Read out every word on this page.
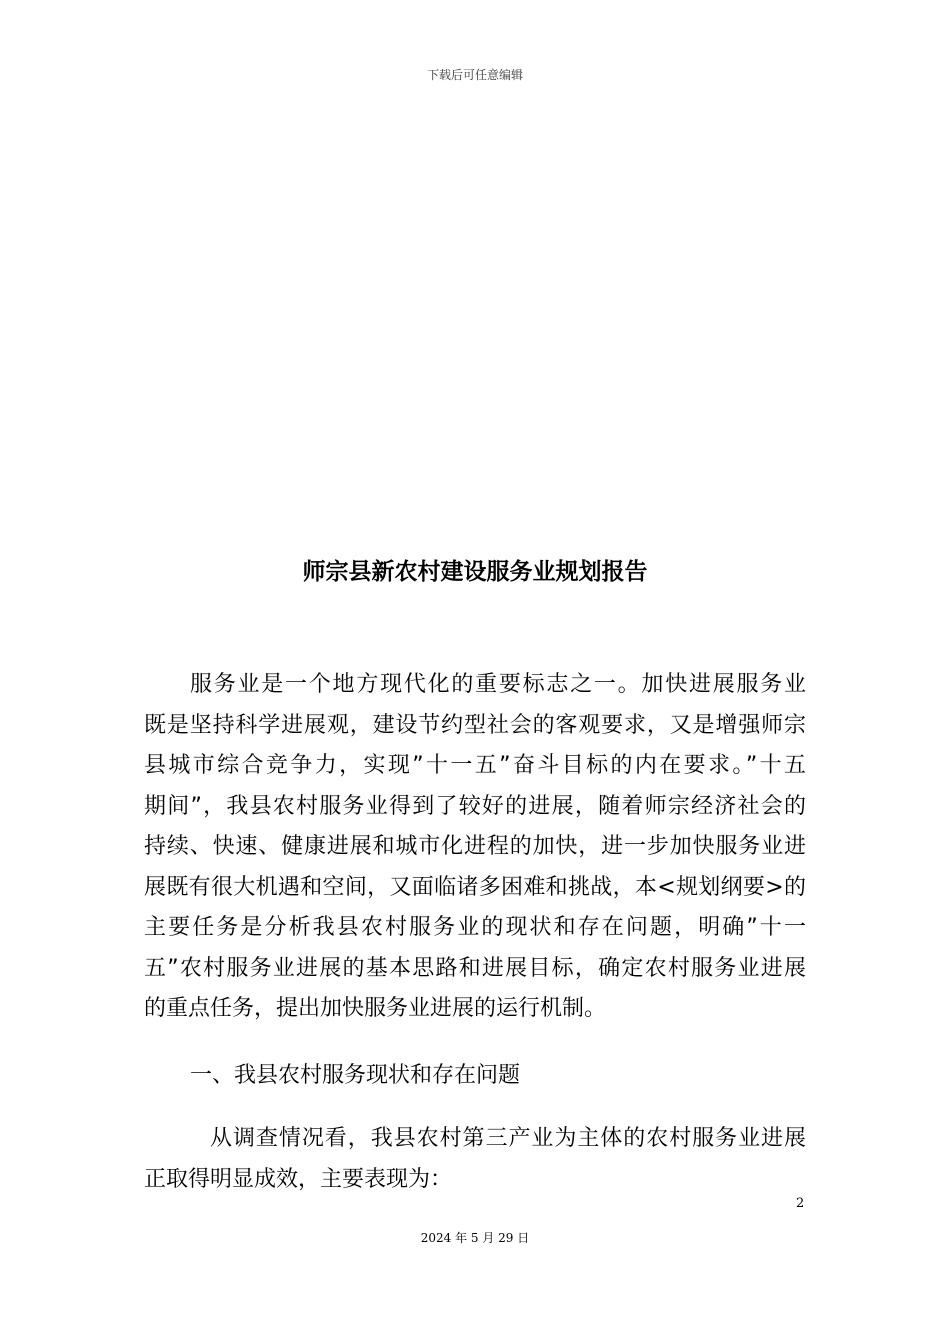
下载后可任意编辑
师宗县新农村建设服务业规划报告
服务业是一个地方现代化的重要标志之一。加快进展服务业
既是坚持科学进展观，建设节约型社会的客观要求，又是增强师宗
县城市综合竞争力，实现”十一五”奋斗目标的内在要求。”十五
期间”，我县农村服务业得到了较好的进展，随着师宗经济社会的
持续、快速、健康进展和城市化进程的加快，进一步加快服务业进
展既有很大机遇和空间，又面临诸多困难和挑战，本<规划纲要>的
主要任务是分析我县农村服务业的现状和存在问题，明确”十一
五”农村服务业进展的基本思路和进展目标，确定农村服务业进展
的重点任务，提出加快服务业进展的运行机制。
一、我县农村服务现状和存在问题
从调查情况看，我县农村第三产业为主体的农村服务业进展
正取得明显成效，主要表现为：
2
2024 年 5 月 29 日
